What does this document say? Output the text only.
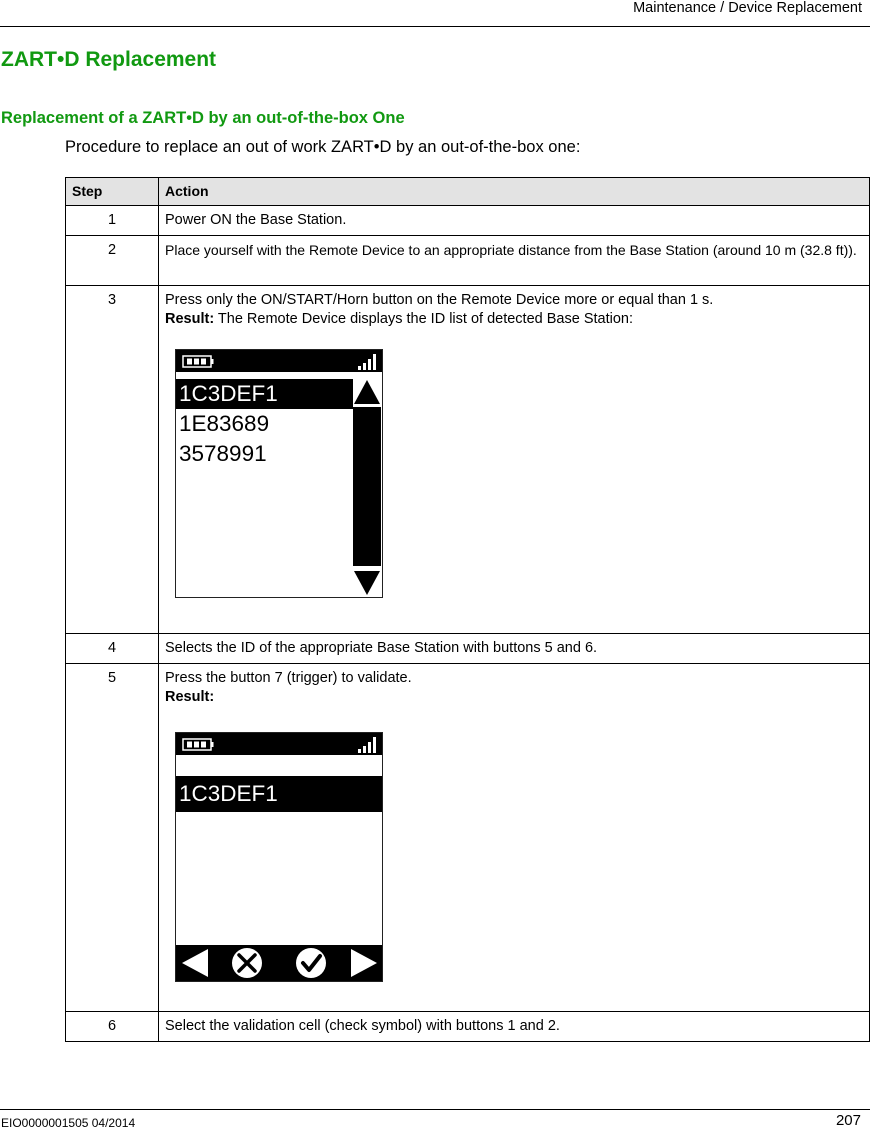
Maintenance / Device Replacement
ZART•D Replacement
Replacement of a ZART•D by an out-of-the-box One

Procedure to replace an out of work ZART•D by an out-of-the-box one:

Step	Action
1	Power ON the Base Station.
2	Place yourself with the Remote Device to an appropriate distance from the Base Station (around 10 m (32.8 ft)).
3	Press only the ON/START/Horn button on the Remote Device more or equal than 1 s.
Result: The Remote Device displays the ID list of detected Base Station:
1C3DEF1
1E83689
3578991

4	Selects the ID of the appropriate Base Station with buttons 5 and 6.
5	Press the button 7 (trigger) to validate.
Result:
1C3DEF1

6	Select the validation cell (check symbol) with buttons 1 and 2.
EIO0000001505 04/2014	207
